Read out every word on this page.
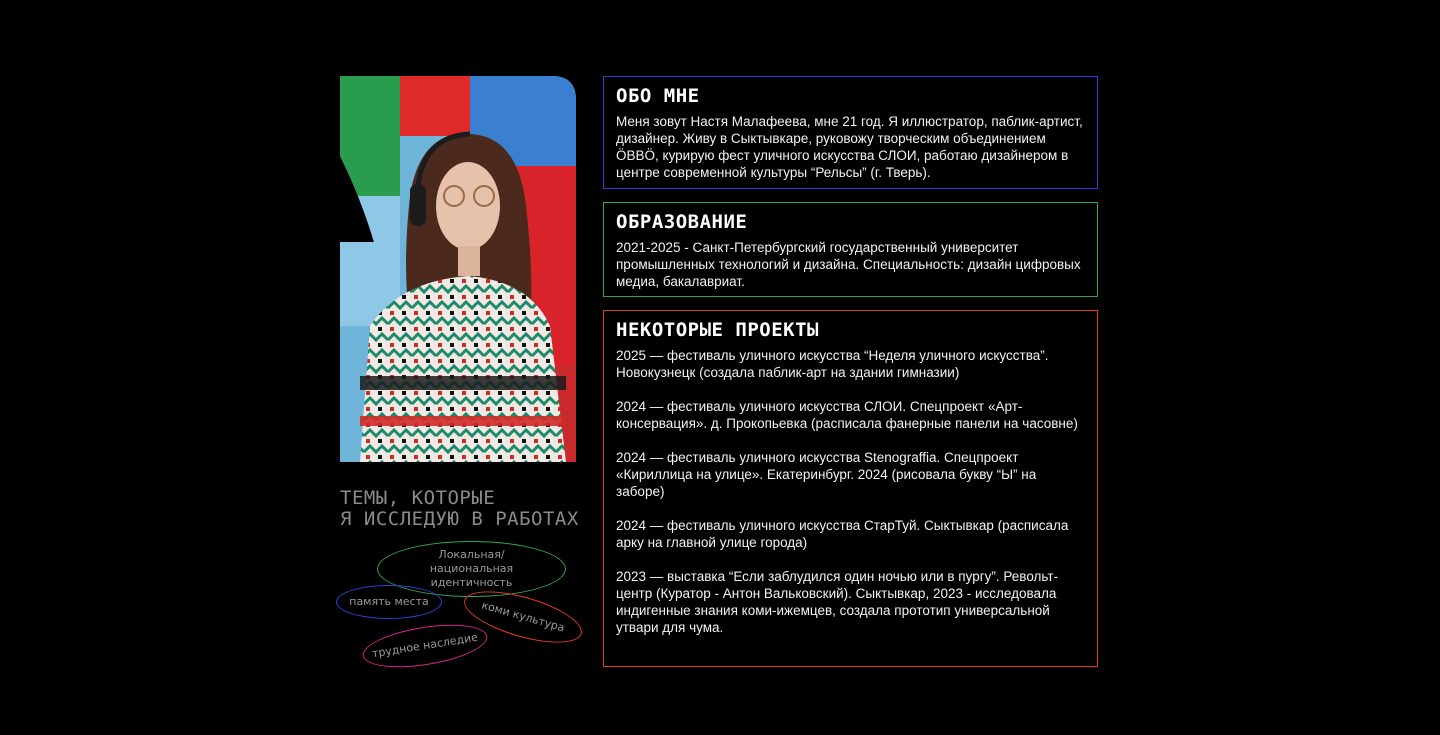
ТЕМЫ, КОТОРЫЕ
Я ИССЛЕДУЮ В РАБОТАХ
Локальная/национальная идентичность
память места	коми культура
трудное наследие
ОБО МНЕ

Меня зовут Настя Малафеева, мне 21 год. Я иллюстратор, паблик-артист, дизайнер. Живу в Сыктывкаре, руковожу творческим объединением ÖВВÖ, курирую фест уличного искусства СЛОИ, работаю дизайнером в центре современной культуры “Рельсы” (г. Тверь).

ОБРАЗОВАНИЕ

2021-2025 - Санкт-Петербургский государственный университет промышленных технологий и дизайна. Специальность: дизайн цифровых медиа, бакалавриат.

НЕКОТОРЫЕ ПРОЕКТЫ

2025 — фестиваль уличного искусства “Неделя уличного искусства”. Новокузнецк (создала паблик-арт на здании гимназии)

2024 — фестиваль уличного искусства СЛОИ. Спецпроект «Арт-консервация». д. Прокопьевка (расписала фанерные панели на часовне)

2024 — фестиваль уличного искусства Stenograffia. Спецпроект «Кириллица на улице». Екатеринбург. 2024 (рисовала букву “Ы” на заборе)

2024 — фестиваль уличного искусства СтарТуй. Сыктывкар (расписала арку на главной улице города)

2023 — выставка “Если заблудился один ночью или в пургу”. Револьт-центр (Куратор - Антон Вальковский). Сыктывкар, 2023 - исследовала индигенные знания коми-ижемцев, создала прототип универсальной утвари для чума.
